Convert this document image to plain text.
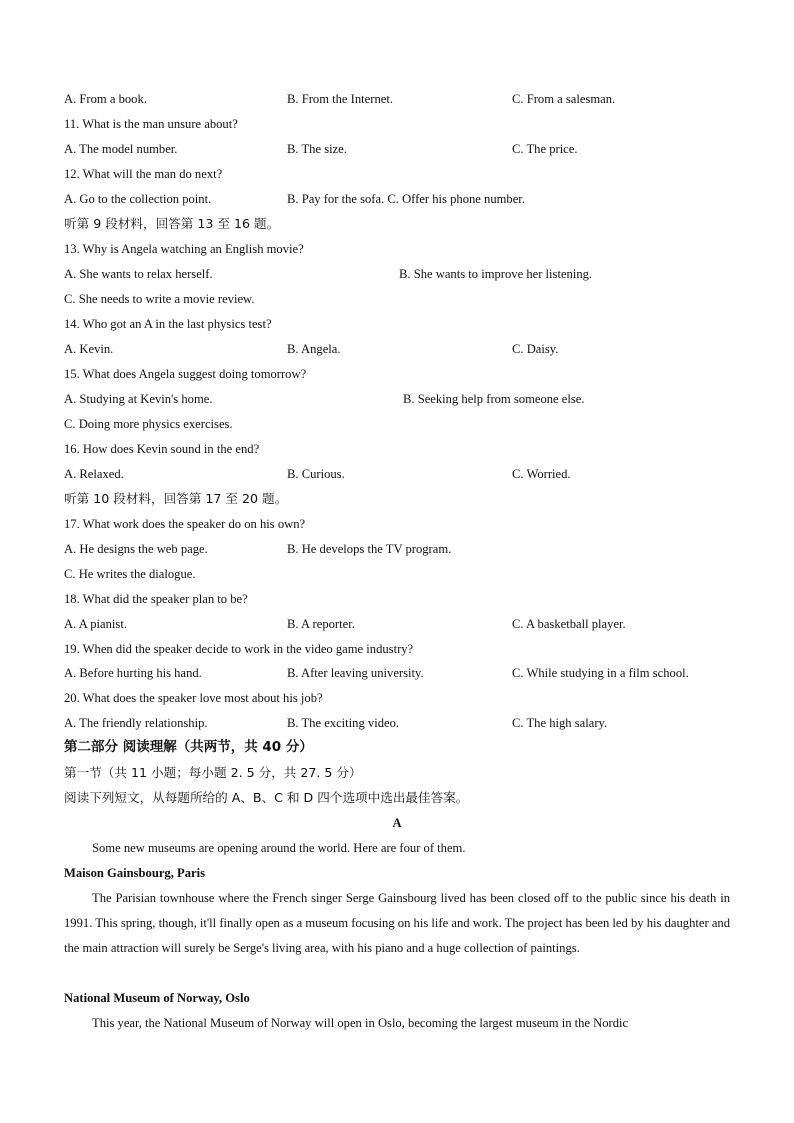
A. From a book.	B. From the Internet.	C. From a salesman.
11. What is the man unsure about?
A. The model number.	B. The size.	C. The price.
12. What will the man do next?
A. Go to the collection point.	B. Pay for the sofa. C. Offer his phone number.
听第 9 段材料，回答第 13 至 16 题。
13. Why is Angela watching an English movie?
A. She wants to relax herself.	B. She wants to improve her listening.
C. She needs to write a movie review.
14. Who got an A in the last physics test?
A. Kevin.	B. Angela.	C. Daisy.
15. What does Angela suggest doing tomorrow?
A. Studying at Kevin's home.	B. Seeking help from someone else.
C. Doing more physics exercises.
16. How does Kevin sound in the end?
A. Relaxed.	B. Curious.	C. Worried.
听第 10 段材料，回答第 17 至 20 题。
17. What work does the speaker do on his own?
A. He designs the web page.	B. He develops the TV program.
C. He writes the dialogue.
18. What did the speaker plan to be?
A. A pianist.	B. A reporter.	C. A basketball player.
19. When did the speaker decide to work in the video game industry?
A. Before hurting his hand.	B. After leaving university.	C. While studying in a film school.
20. What does the speaker love most about his job?
A. The friendly relationship.	B. The exciting video.	C. The high salary.
第二部分 阅读理解（共两节，共 40 分）
第一节（共 11 小题；每小题 2. 5 分，共 27. 5 分）
阅读下列短文，从每题所给的 A、B、C 和 D 四个选项中选出最佳答案。
A
Some new museums are opening around the world. Here are four of them.
Maison Gainsbourg, Paris
The Parisian townhouse where the French singer Serge Gainsbourg lived has been closed off to the public since his death in 1991. This spring, though, it'll finally open as a museum focusing on his life and work. The project has been led by his daughter and the main attraction will surely be Serge's living area, with his piano and a huge collection of paintings.
National Museum of Norway, Oslo
This year, the National Museum of Norway will open in Oslo, becoming the largest museum in the Nordic
